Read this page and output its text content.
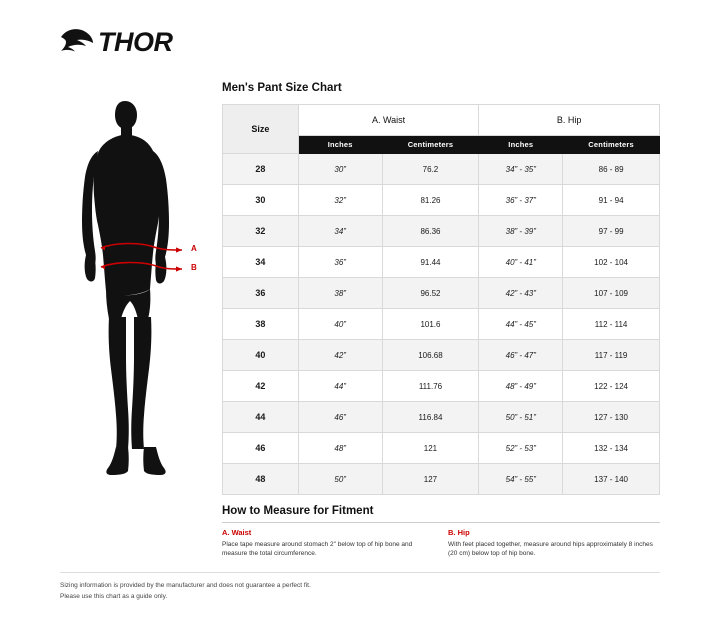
THOR
A
B
Men's Pant Size Chart
Size	A. Waist		B. Hip	
	Inches	Centimeters	Inches	Centimeters
28	30”	76.2	34” - 35”	86 - 89
30	32”	81.26	36” - 37”	91 - 94
32	34”	86.36	38” - 39”	97 - 99
34	36”	91.44	40” - 41”	102 - 104
36	38”	96.52	42” - 43”	107 - 109
38	40”	101.6	44” - 45”	112 - 114
40	42”	106.68	46” - 47”	117 - 119
42	44”	111.76	48” - 49”	122 - 124
44	46”	116.84	50” - 51”	127 - 130
46	48”	121	52” - 53”	132 - 134
48	50”	127	54” - 55”	137 - 140
How to Measure for Fitment
A. Waist
Place tape measure around stomach 2" below top of hip bone and measure the total circumference.
B. Hip
With feet placed together, measure around hips approximately 8 inches (20 cm) below top of hip bone.
Sizing information is provided by the manufacturer and does not guarantee a perfect fit.
Please use this chart as a guide only.
